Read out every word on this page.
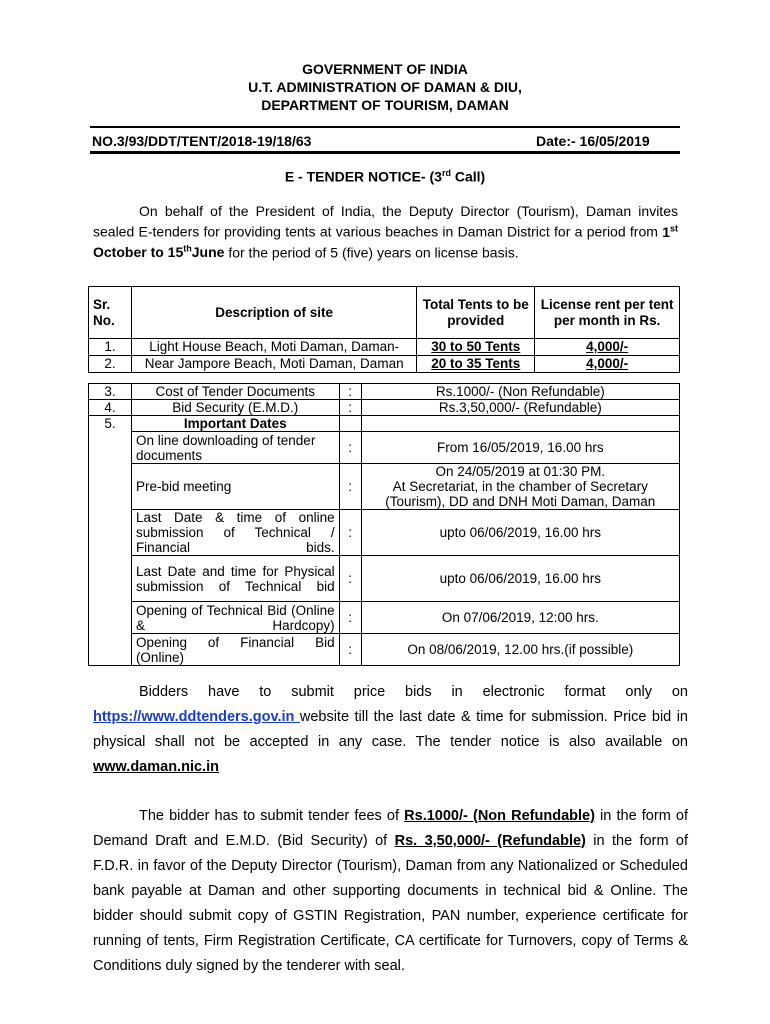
GOVERNMENT OF INDIA
U.T. ADMINISTRATION OF DAMAN & DIU,
DEPARTMENT OF TOURISM, DAMAN
NO.3/93/DDT/TENT/2018-19/18/63	Date:- 16/05/2019
E - TENDER NOTICE- (3rd Call)
On behalf of the President of India, the Deputy Director (Tourism), Daman invites sealed E-tenders for providing tents at various beaches in Daman District for a period from 1st October to 15thJune for the period of 5 (five) years on license basis.
Sr. No.	Description of site	Total Tents to be provided	License rent per tent per month in Rs.
1.	Light House Beach, Moti Daman, Daman-	30 to 50 Tents	4,000/-
2.	Near Jampore Beach, Moti Daman, Daman	20 to 35 Tents	4,000/-
3.	Cost of Tender Documents	:	Rs.1000/- (Non Refundable)
4.	Bid Security (E.M.D.)	:	Rs.3,50,000/- (Refundable)
5.	Important Dates		
	On line downloading of tender documents	:	From 16/05/2019, 16.00 hrs
	Pre-bid meeting	:	On 24/05/2019 at 01:30 PM.
At Secretariat, in the chamber of Secretary
(Tourism), DD and DNH Moti Daman, Daman

	Last Date & time of online submission of Technical / Financial bids.	:	upto 06/06/2019, 16.00 hrs
	Last Date and time for Physical submission of Technical bid	:	upto 06/06/2019, 16.00 hrs
	Opening of Technical Bid (Online & Hardcopy)	:	On 07/06/2019, 12:00 hrs.
	Opening of Financial Bid (Online)	:	On 08/06/2019, 12.00 hrs.(if possible)
Bidders have to submit price bids in electronic format only on
https://www.ddtenders.gov.in website till the last date & time for submission. Price bid in physical shall not be accepted in any case. The tender notice is also available on www.daman.nic.in
The bidder has to submit tender fees of Rs.1000/- (Non Refundable) in the form of Demand Draft and E.M.D. (Bid Security) of Rs. 3,50,000/- (Refundable) in the form of F.D.R. in favor of the Deputy Director (Tourism), Daman from any Nationalized or Scheduled bank payable at Daman and other supporting documents in technical bid & Online. The bidder should submit copy of GSTIN Registration, PAN number, experience certificate for running of tents, Firm Registration Certificate, CA certificate for Turnovers, copy of Terms & Conditions duly signed by the tenderer with seal.
